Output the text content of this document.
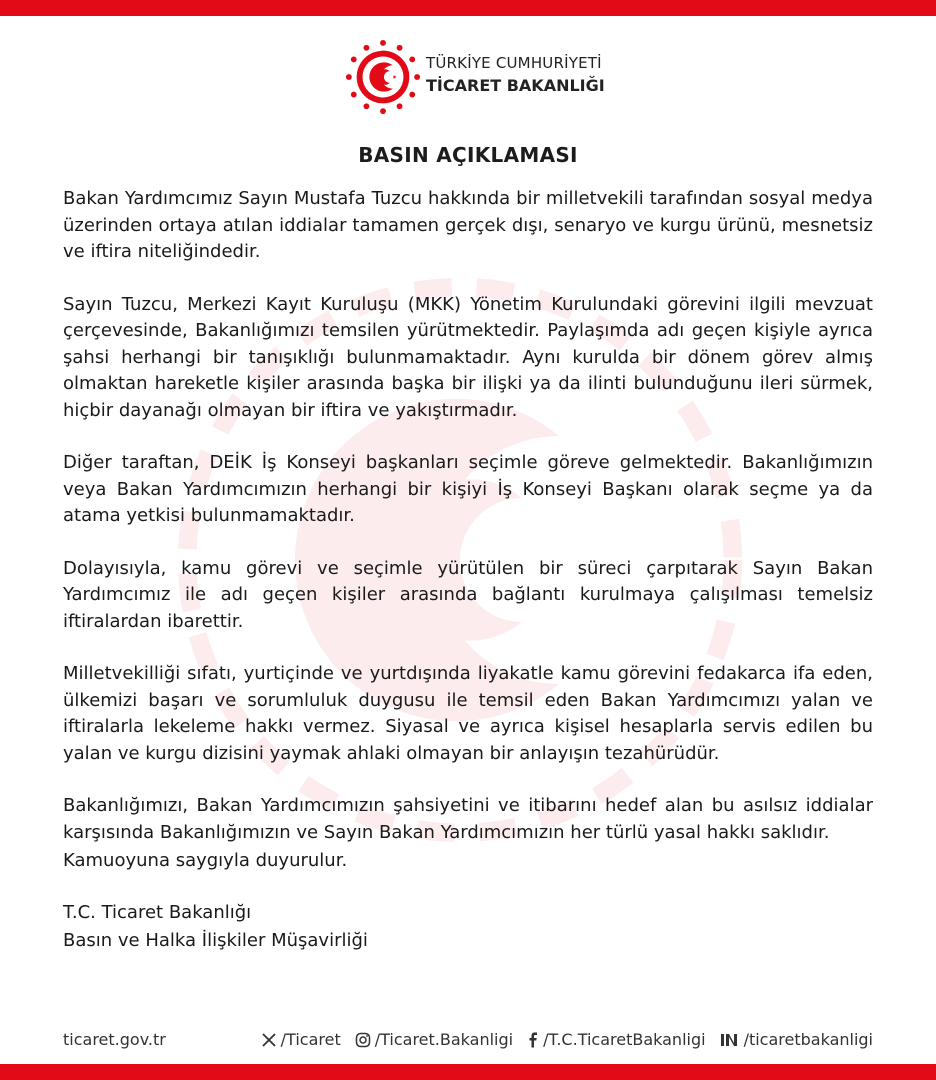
TÜRKİYE CUMHURİYETİ
TİCARET BAKANLIĞI
BASIN AÇIKLAMASI

Bakan Yardımcımız Sayın Mustafa Tuzcu hakkında bir milletvekili tarafından sosyal medya üzerinden ortaya atılan iddialar tamamen gerçek dışı, senaryo ve kurgu ürünü, mesnetsiz ve iftira niteliğindedir.

Sayın Tuzcu, Merkezi Kayıt Kuruluşu (MKK) Yönetim Kurulundaki görevini ilgili mevzuat çerçevesinde, Bakanlığımızı temsilen yürütmektedir. Paylaşımda adı geçen kişiyle ayrıca şahsi herhangi bir tanışıklığı bulunmamaktadır. Aynı kurulda bir dönem görev almış olmaktan hareketle kişiler arasında başka bir ilişki ya da ilinti bulunduğunu ileri sürmek, hiçbir dayanağı olmayan bir iftira ve yakıştırmadır.

Diğer taraftan, DEİK İş Konseyi başkanları seçimle göreve gelmektedir. Bakanlığımızın veya Bakan Yardımcımızın herhangi bir kişiyi İş Konseyi Başkanı olarak seçme ya da atama yetkisi bulunmamaktadır.

Dolayısıyla, kamu görevi ve seçimle yürütülen bir süreci çarpıtarak Sayın Bakan Yardımcımız ile adı geçen kişiler arasında bağlantı kurulmaya çalışılması temelsiz iftiralardan ibarettir.

Milletvekilliği sıfatı, yurtiçinde ve yurtdışında liyakatle kamu görevini fedakarca ifa eden, ülkemizi başarı ve sorumluluk duygusu ile temsil eden Bakan Yardımcımızı yalan ve iftiralarla lekeleme hakkı vermez. Siyasal ve ayrıca kişisel hesaplarla servis edilen bu yalan ve kurgu dizisini yaymak ahlaki olmayan bir anlayışın tezahürüdür.

Bakanlığımızı, Bakan Yardımcımızın şahsiyetini ve itibarını hedef alan bu asılsız iddialar karşısında Bakanlığımızın ve Sayın Bakan Yardımcımızın her türlü yasal hakkı saklıdır.

Kamuoyuna saygıyla duyurulur.
T.C. Ticaret Bakanlığı
Basın ve Halka İlişkiler Müşavirliği
ticaret.gov.tr	/Ticaret /Ticaret.Bakanligi /T.C.TicaretBakanligi /ticaretbakanligi
